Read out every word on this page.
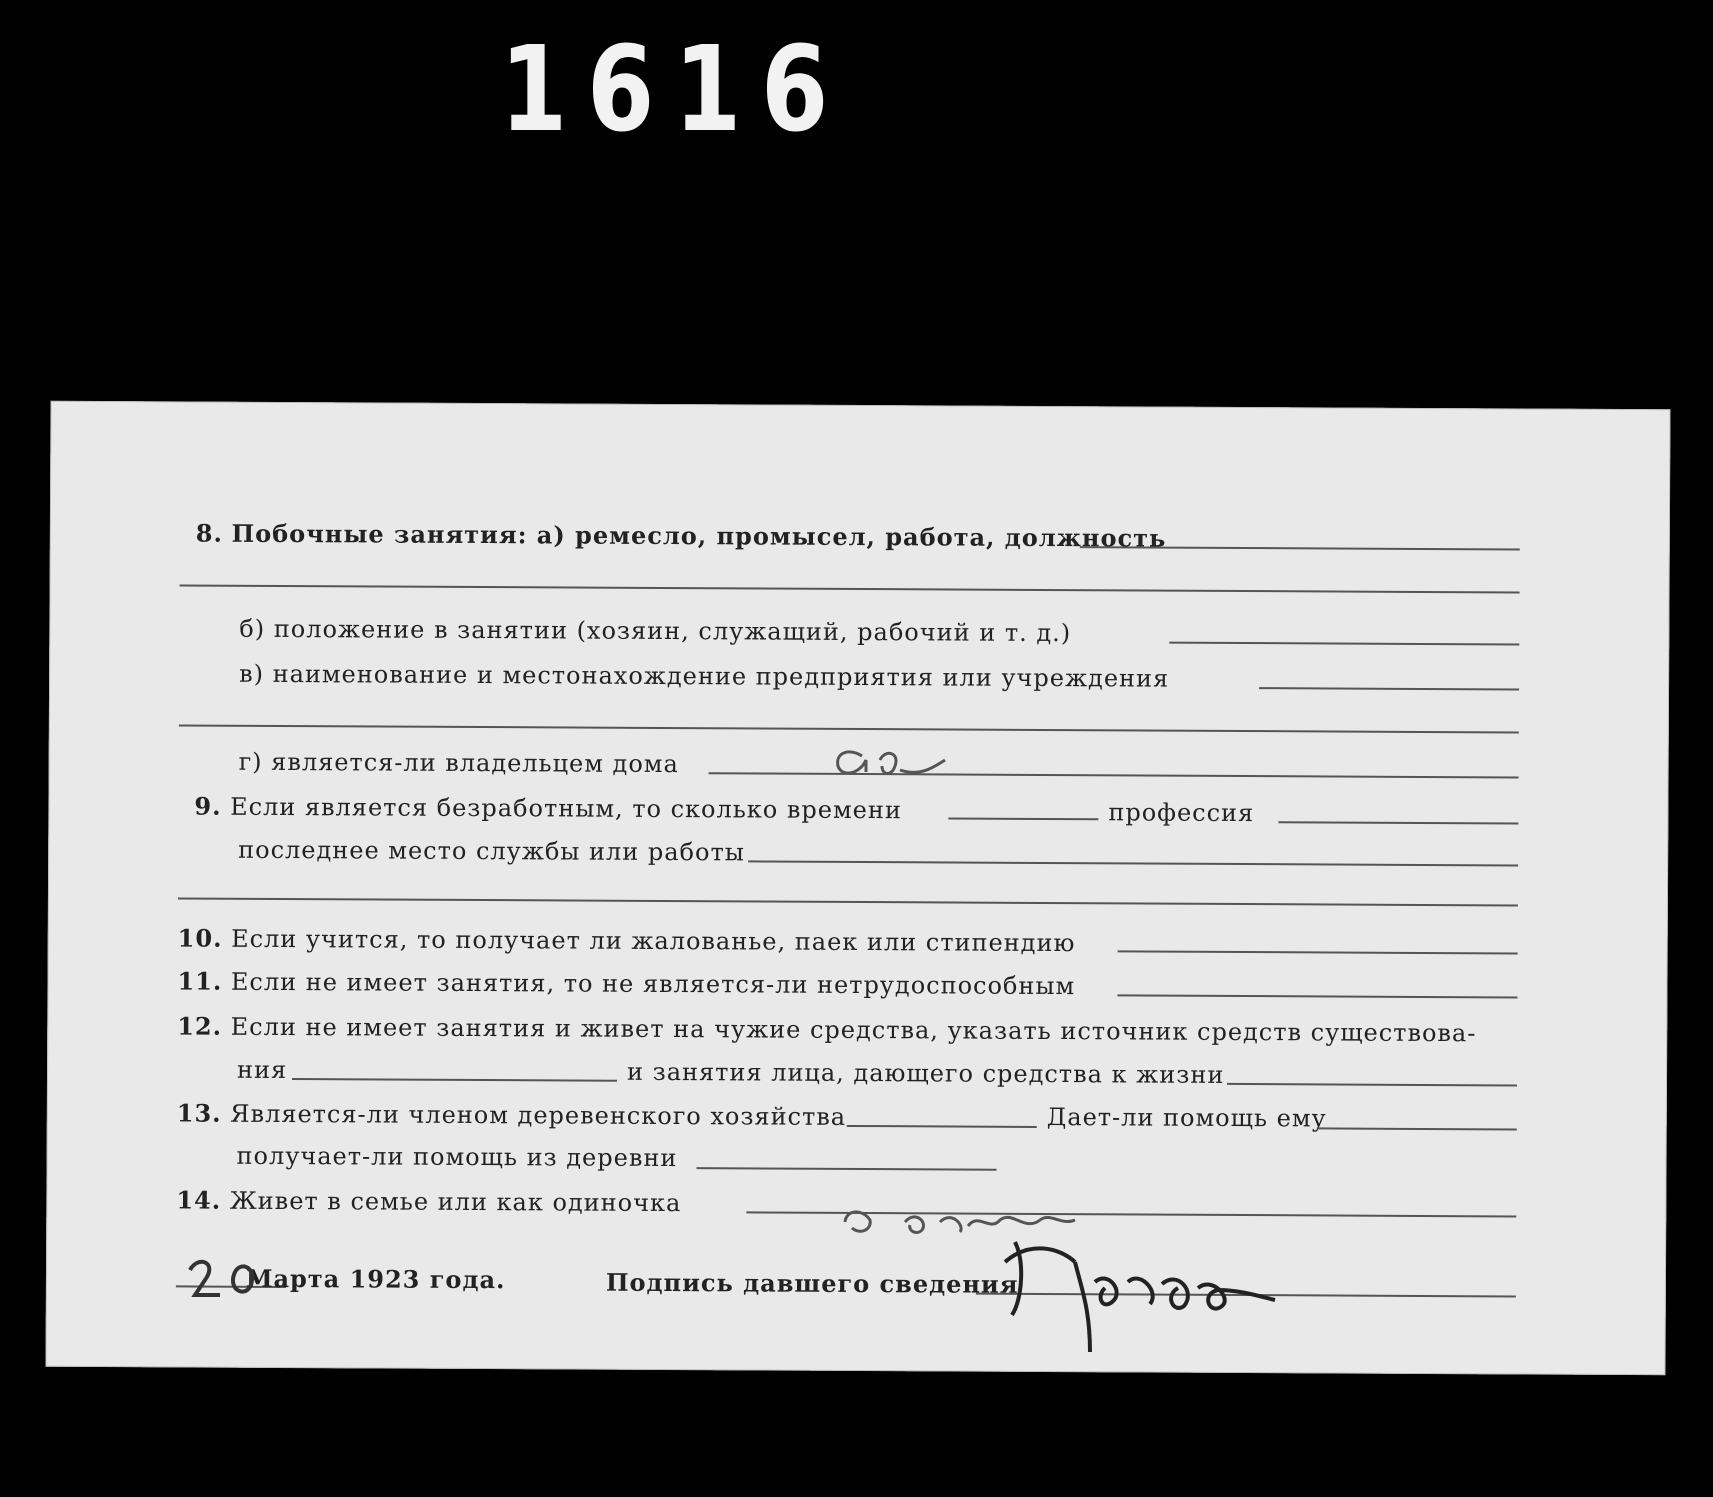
1616
8. Побочные занятия: а) ремесло, промысел, работа, должность
б) положение в занятии (хозяин, служащий, рабочий и т. д.)
в) наименование и местонахождение предприятия или учреждения
г) является-ли владельцем дома
9. Если является безработным, то сколько времени	профессия
последнее место службы или работы
10. Если учится, то получает ли жалованье, паек или стипендию
11. Если не имеет занятия, то не является-ли нетрудоспособным
12. Если не имеет занятия и живет на чужие средства, указать источник средств существова-
ния	и занятия лица, дающего средства к жизни
13. Является-ли членом деревенского хозяйства	Дает-ли помощь ему
получает-ли помощь из деревни
14. Живет в семье или как одиночка
Марта 1923 года.	Подпись давшего сведения
